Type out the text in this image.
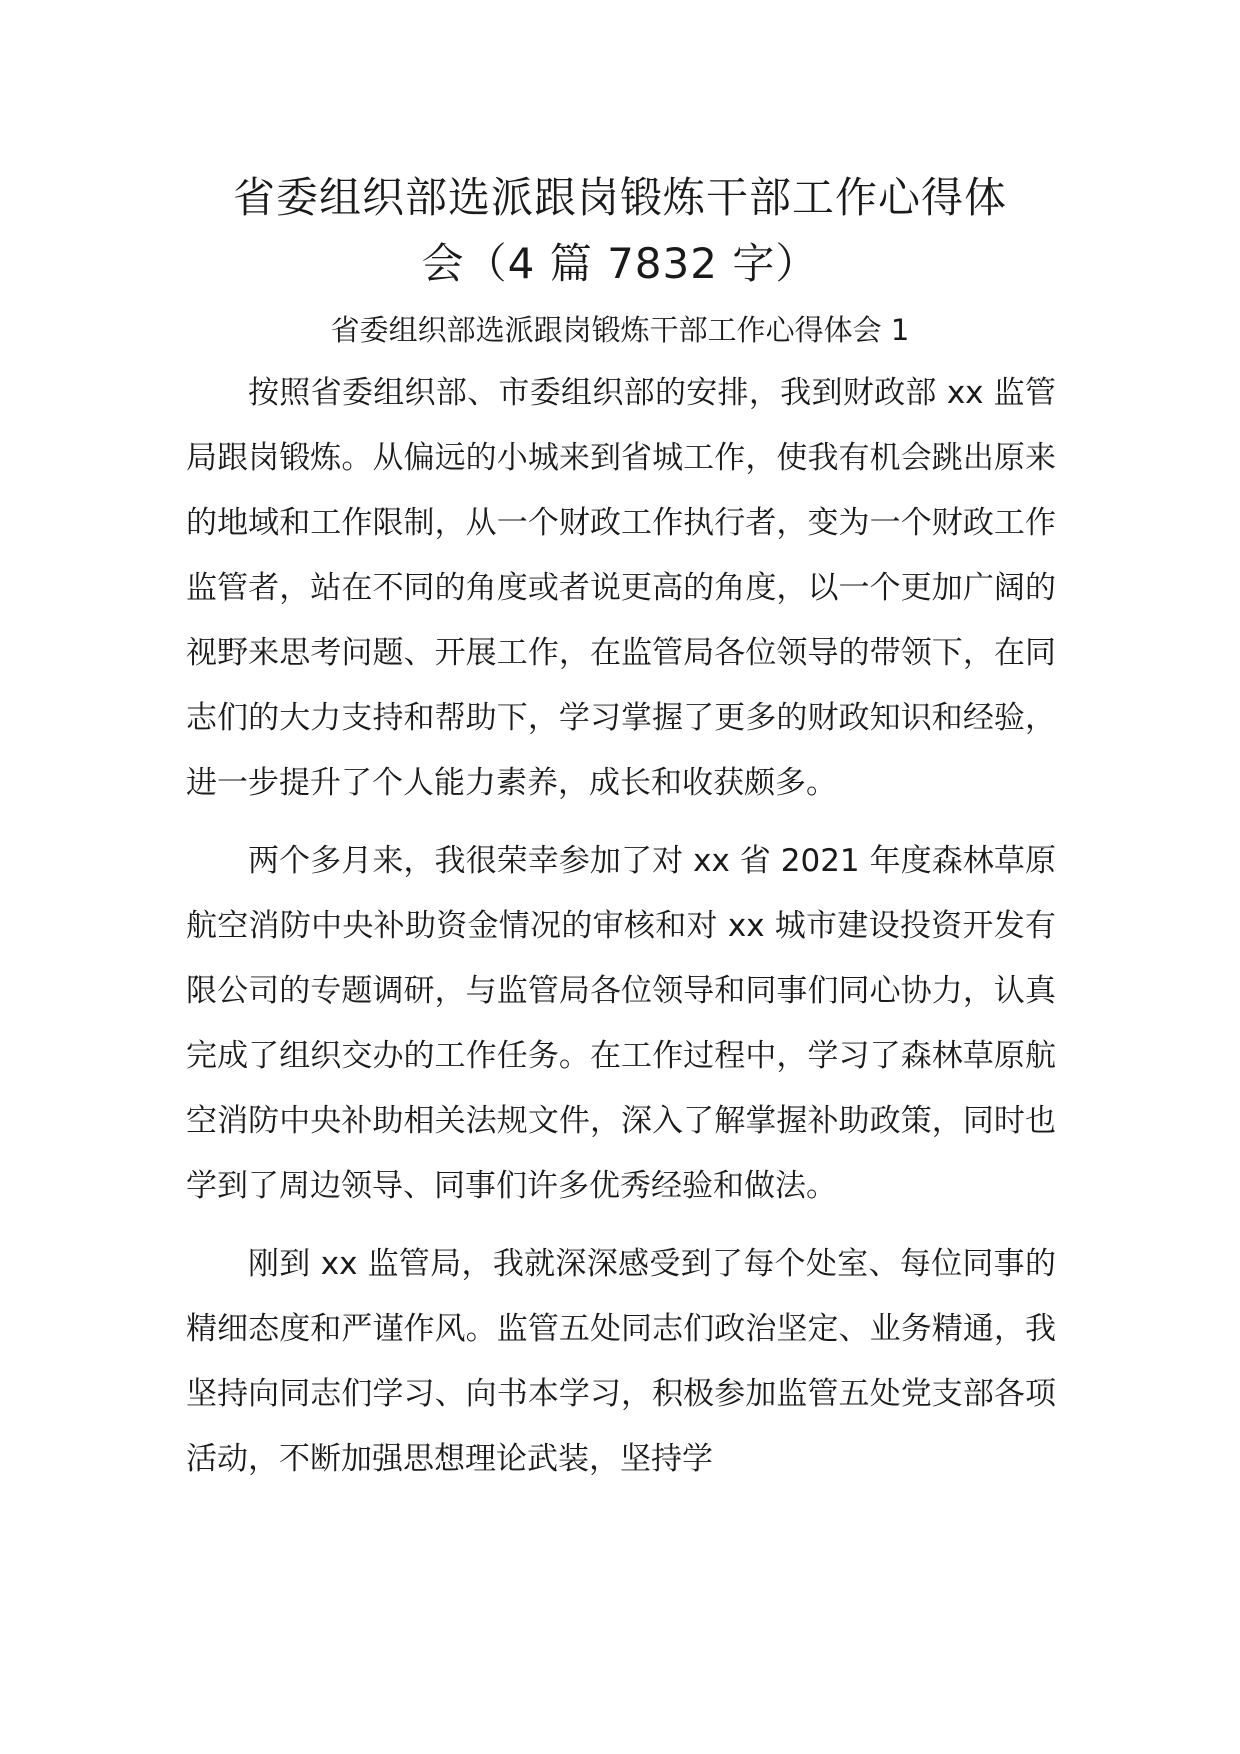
省委组织部选派跟岗锻炼干部工作心得体
会（4 篇 7832 字）
省委组织部选派跟岗锻炼干部工作心得体会 1

按照省委组织部、市委组织部的安排，我到财政部 xx 监管局跟岗锻炼。从偏远的小城来到省城工作，使我有机会跳出原来的地域和工作限制，从一个财政工作执行者，变为一个财政工作监管者，站在不同的角度或者说更高的角度，以一个更加广阔的视野来思考问题、开展工作，在监管局各位领导的带领下，在同志们的大力支持和帮助下，学习掌握了更多的财政知识和经验，进一步提升了个人能力素养，成长和收获颇多。

两个多月来，我很荣幸参加了对 xx 省 2021 年度森林草原航空消防中央补助资金情况的审核和对 xx 城市建设投资开发有限公司的专题调研，与监管局各位领导和同事们同心协力，认真完成了组织交办的工作任务。在工作过程中，学习了森林草原航空消防中央补助相关法规文件，深入了解掌握补助政策，同时也学到了周边领导、同事们许多优秀经验和做法。

刚到 xx 监管局，我就深深感受到了每个处室、每位同事的精细态度和严谨作风。监管五处同志们政治坚定、业务精通，我坚持向同志们学习、向书本学习，积极参加监管五处党支部各项活动，不断加强思想理论武装，坚持学
